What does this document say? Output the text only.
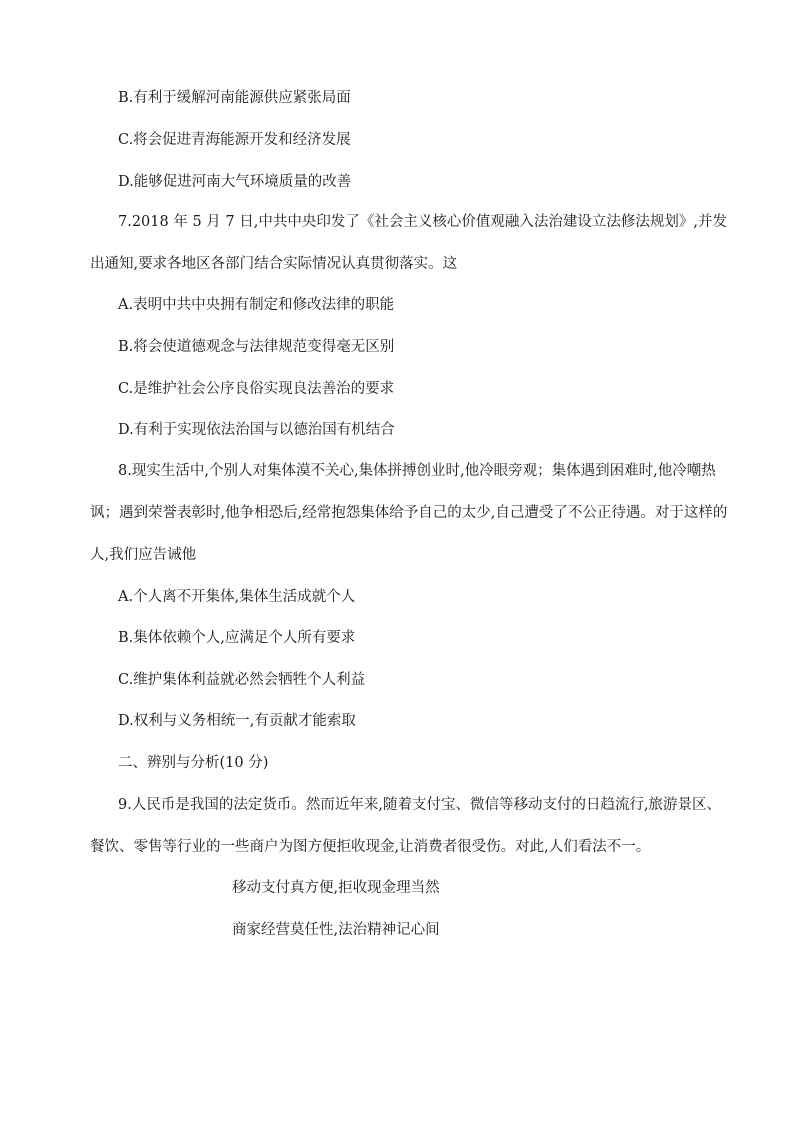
B.有利于缓解河南能源供应紧张局面
C.将会促进青海能源开发和经济发展
D.能够促进河南大气环境质量的改善
7.2018 年 5 月 7 日,中共中央印发了《社会主义核心价值观融入法治建设立法修法规划》,并发
出通知,要求各地区各部门结合实际情况认真贯彻落实。这
A.表明中共中央拥有制定和修改法律的职能
B.将会使道德观念与法律规范变得毫无区别
C.是维护社会公序良俗实现良法善治的要求
D.有利于实现依法治国与以德治国有机结合
8.现实生活中,个别人对集体漠不关心,集体拼搏创业时,他冷眼旁观；集体遇到困难时,他冷嘲热
讽；遇到荣誉表彰时,他争相恐后,经常抱怨集体给予自己的太少,自己遭受了不公正待遇。对于这样的
人,我们应告诫他
A.个人离不开集体,集体生活成就个人
B.集体依赖个人,应满足个人所有要求
C.维护集体利益就必然会牺牲个人利益
D.权利与义务相统一,有贡献才能索取
二、辨别与分析(10 分)
9.人民币是我国的法定货币。然而近年来,随着支付宝、微信等移动支付的日趋流行,旅游景区、
餐饮、零售等行业的一些商户为图方便拒收现金,让消费者很受伤。对此,人们看法不一。
移动支付真方便,拒收现金理当然
商家经营莫任性,法治精神记心间
